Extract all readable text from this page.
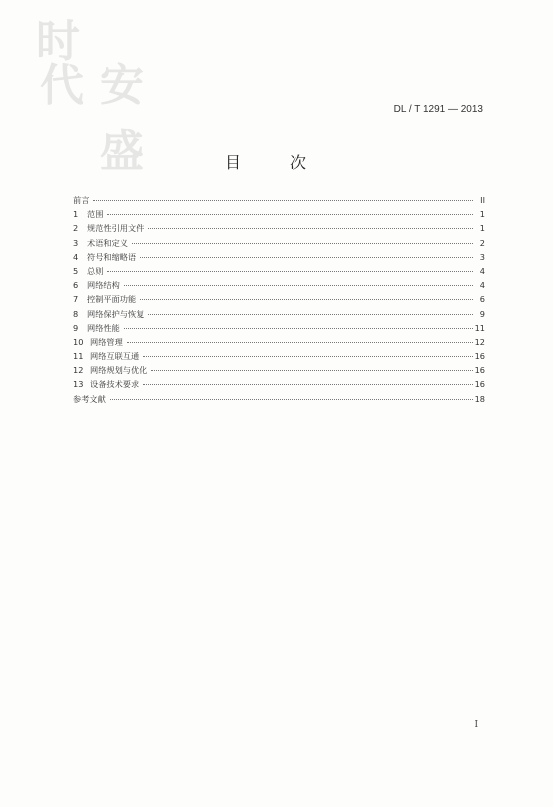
时
代 安
盛
DL / T 1291 — 2013
目 次
前言	II
1	范围	1
2	规范性引用文件	1
3	术语和定义	2
4	符号和缩略语	3
5	总则	4
6	网络结构	4
7	控制平面功能	6
8	网络保护与恢复	9
9	网络性能	11
10 网络管理	12
11 网络互联互通	16
12 网络规划与优化	16
13 设备技术要求	16
参考文献	18
I
